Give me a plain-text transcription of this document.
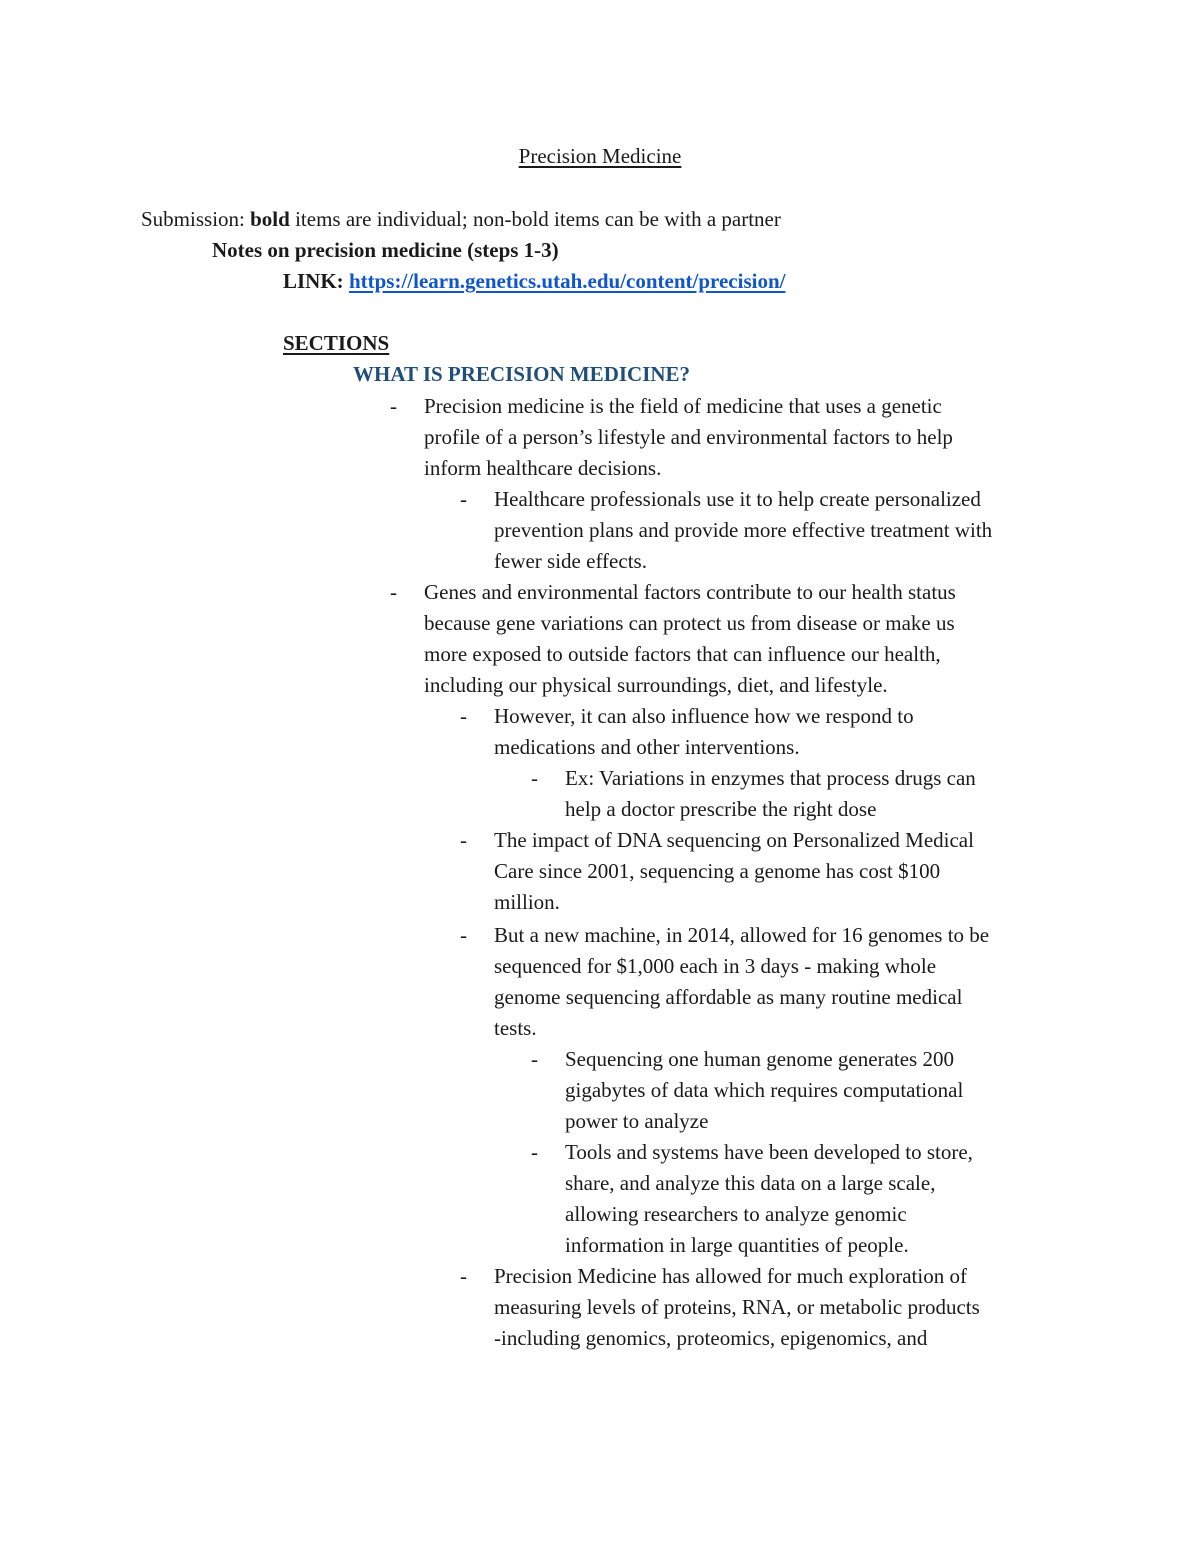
Precision Medicine
Submission: bold items are individual; non-bold items can be with a partner
Notes on precision medicine (steps 1-3)
LINK: https://learn.genetics.utah.edu/content/precision/
SECTIONS
WHAT IS PRECISION MEDICINE?
- Precision medicine is the field of medicine that uses a genetic
profile of a person’s lifestyle and environmental factors to help
inform healthcare decisions.
- Healthcare professionals use it to help create personalized
prevention plans and provide more effective treatment with
fewer side effects.
- Genes and environmental factors contribute to our health status
because gene variations can protect us from disease or make us
more exposed to outside factors that can influence our health,
including our physical surroundings, diet, and lifestyle.
- However, it can also influence how we respond to
medications and other interventions.
- Ex: Variations in enzymes that process drugs can
help a doctor prescribe the right dose
- The impact of DNA sequencing on Personalized Medical
Care since 2001, sequencing a genome has cost $100
million.
- But a new machine, in 2014, allowed for 16 genomes to be
sequenced for $1,000 each in 3 days - making whole
genome sequencing affordable as many routine medical
tests.
- Sequencing one human genome generates 200
gigabytes of data which requires computational
power to analyze
- Tools and systems have been developed to store,
share, and analyze this data on a large scale,
allowing researchers to analyze genomic
information in large quantities of people.
- Precision Medicine has allowed for much exploration of
measuring levels of proteins, RNA, or metabolic products
-including genomics, proteomics, epigenomics, and
